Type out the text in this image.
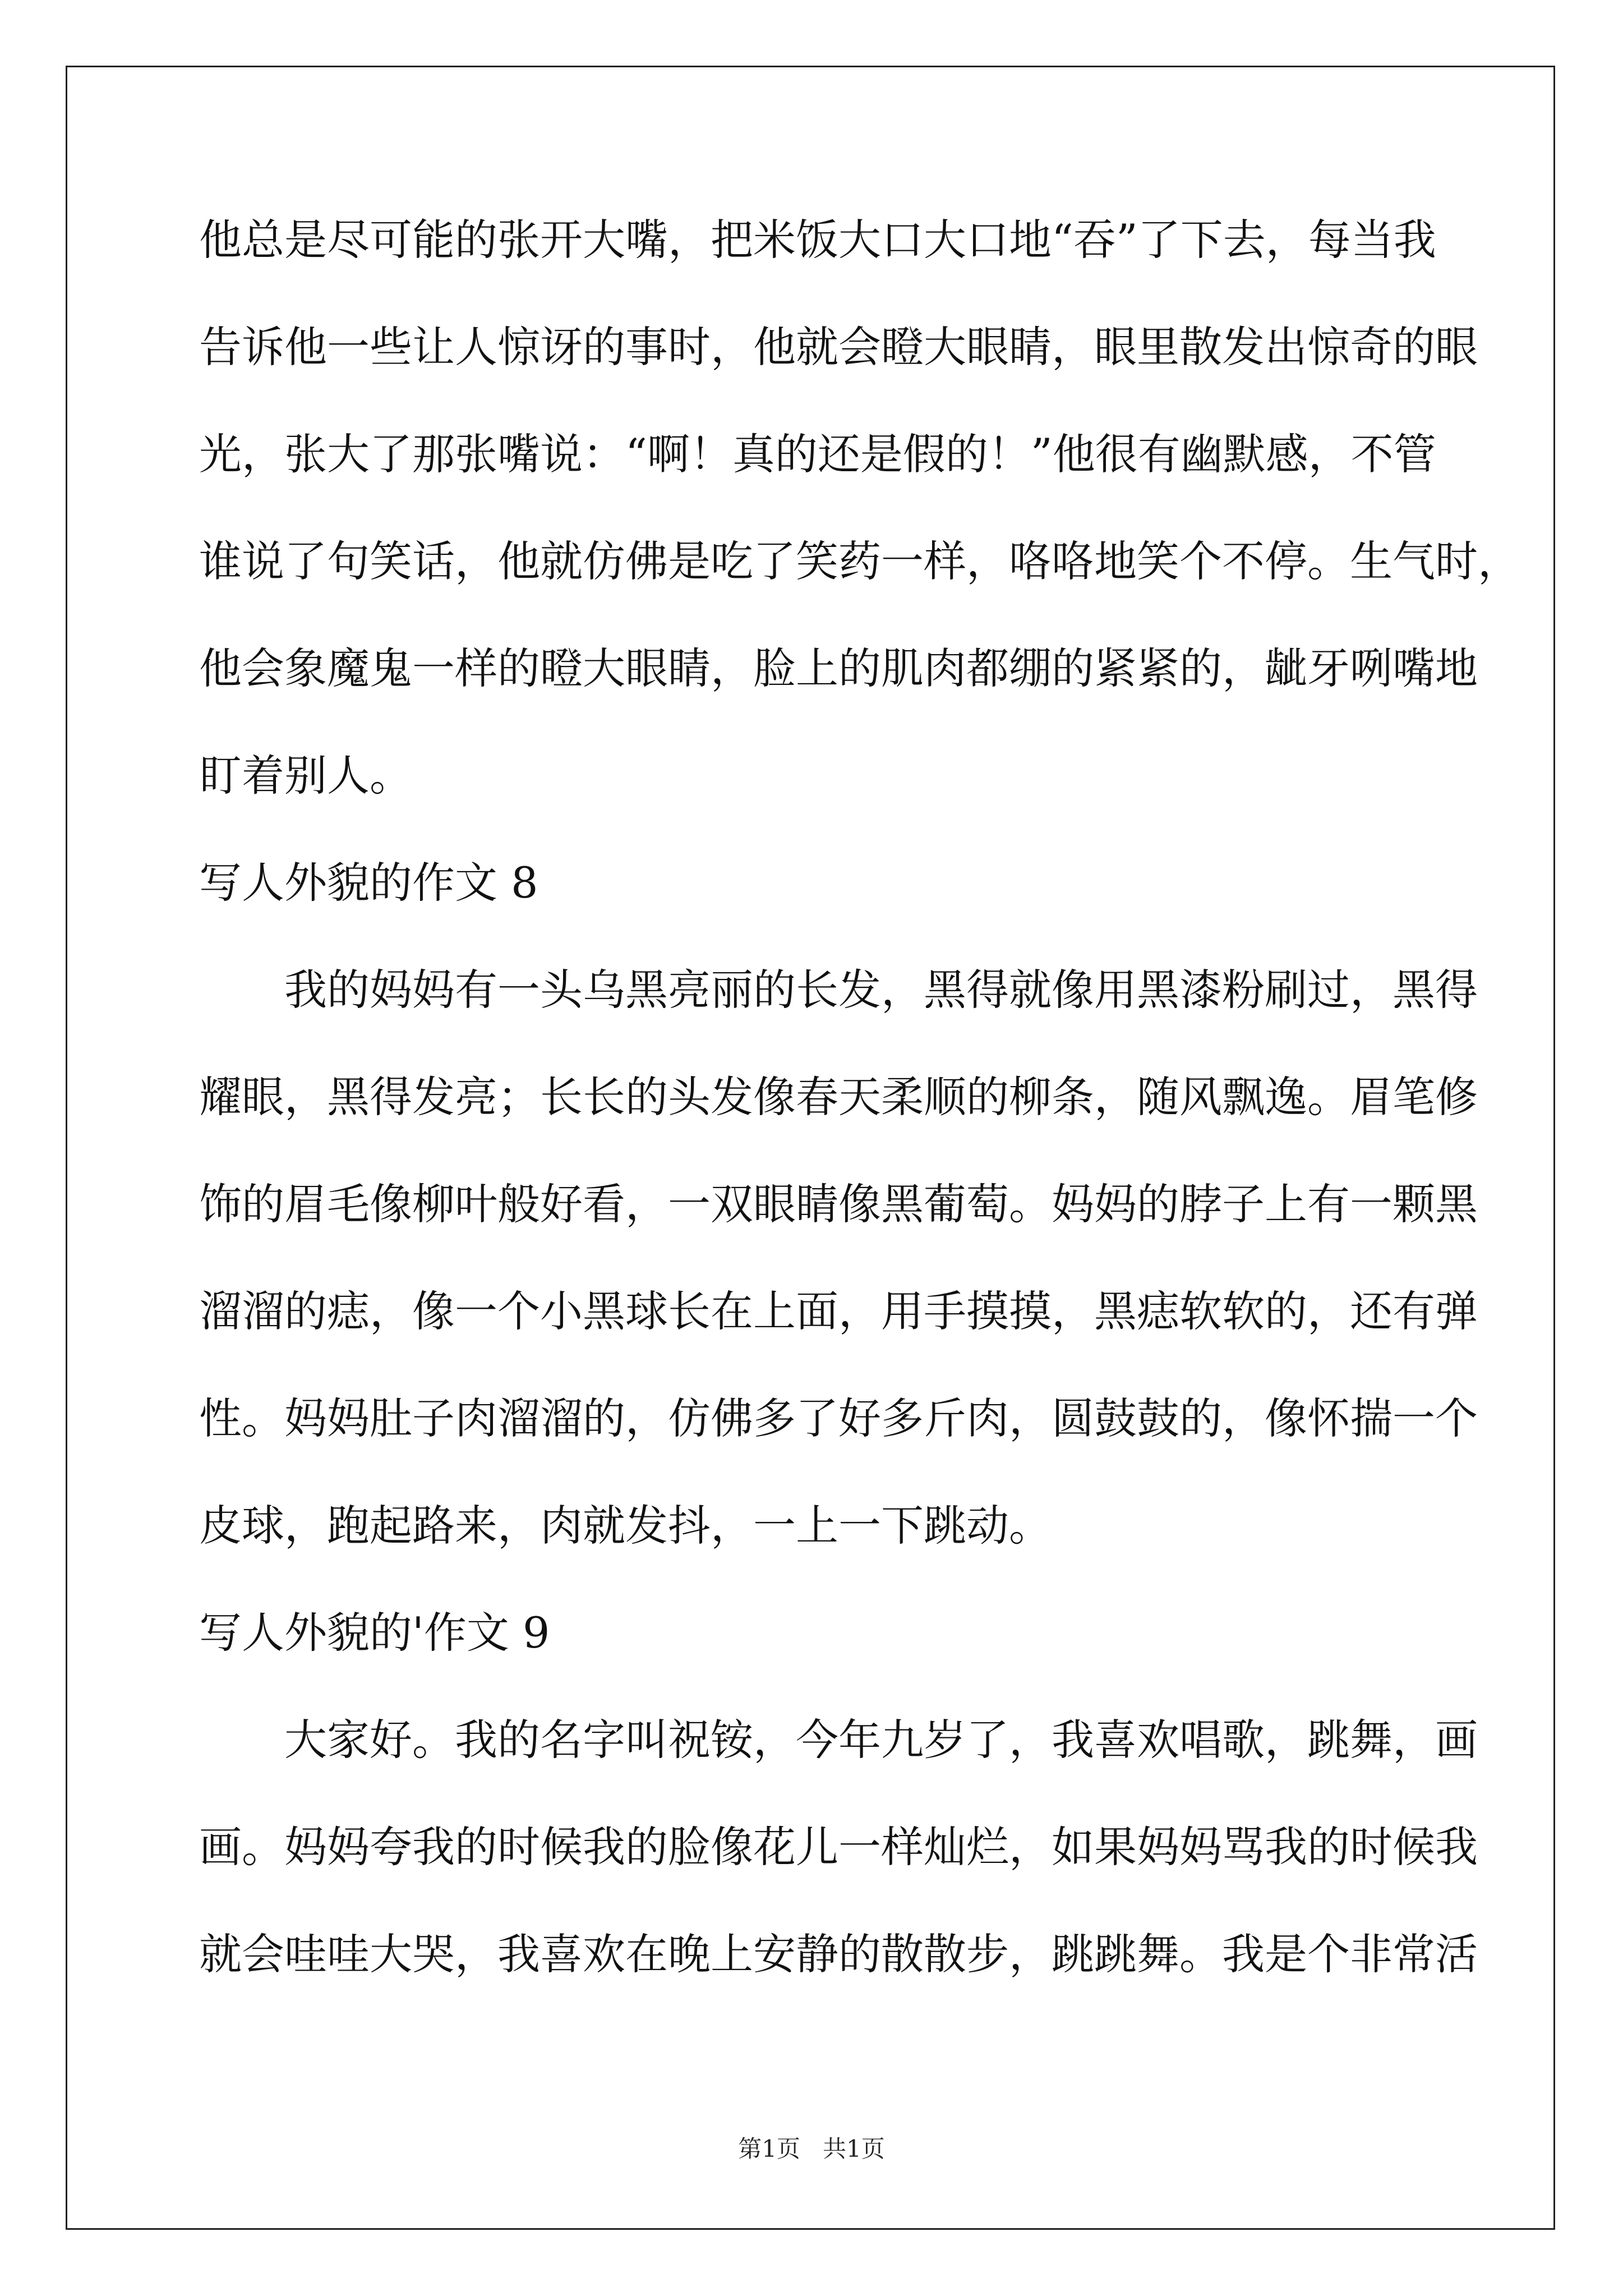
他总是尽可能的张开大嘴，把米饭大口大口地“吞”了下去，每当我
告诉他一些让人惊讶的事时，他就会瞪大眼睛，眼里散发出惊奇的眼
光，张大了那张嘴说：“啊！真的还是假的！”他很有幽默感，不管
谁说了句笑话，他就仿佛是吃了笑药一样，咯咯地笑个不停。生气时，
他会象魔鬼一样的瞪大眼睛，脸上的肌肉都绷的紧紧的，龇牙咧嘴地
盯着别人。
写人外貌的作文 8
我的妈妈有一头乌黑亮丽的长发，黑得就像用黑漆粉刷过，黑得
耀眼，黑得发亮；长长的头发像春天柔顺的柳条，随风飘逸。眉笔修
饰的眉毛像柳叶般好看，一双眼睛像黑葡萄。妈妈的脖子上有一颗黑
溜溜的痣，像一个小黑球长在上面，用手摸摸，黑痣软软的，还有弹
性。妈妈肚子肉溜溜的，仿佛多了好多斤肉，圆鼓鼓的，像怀揣一个
皮球，跑起路来，肉就发抖，一上一下跳动。
写人外貌的'作文 9
大家好。我的名字叫祝铵，今年九岁了，我喜欢唱歌，跳舞，画
画。妈妈夸我的时候我的脸像花儿一样灿烂，如果妈妈骂我的时候我
就会哇哇大哭，我喜欢在晚上安静的散散步，跳跳舞。我是个非常活
第1页 共1页
